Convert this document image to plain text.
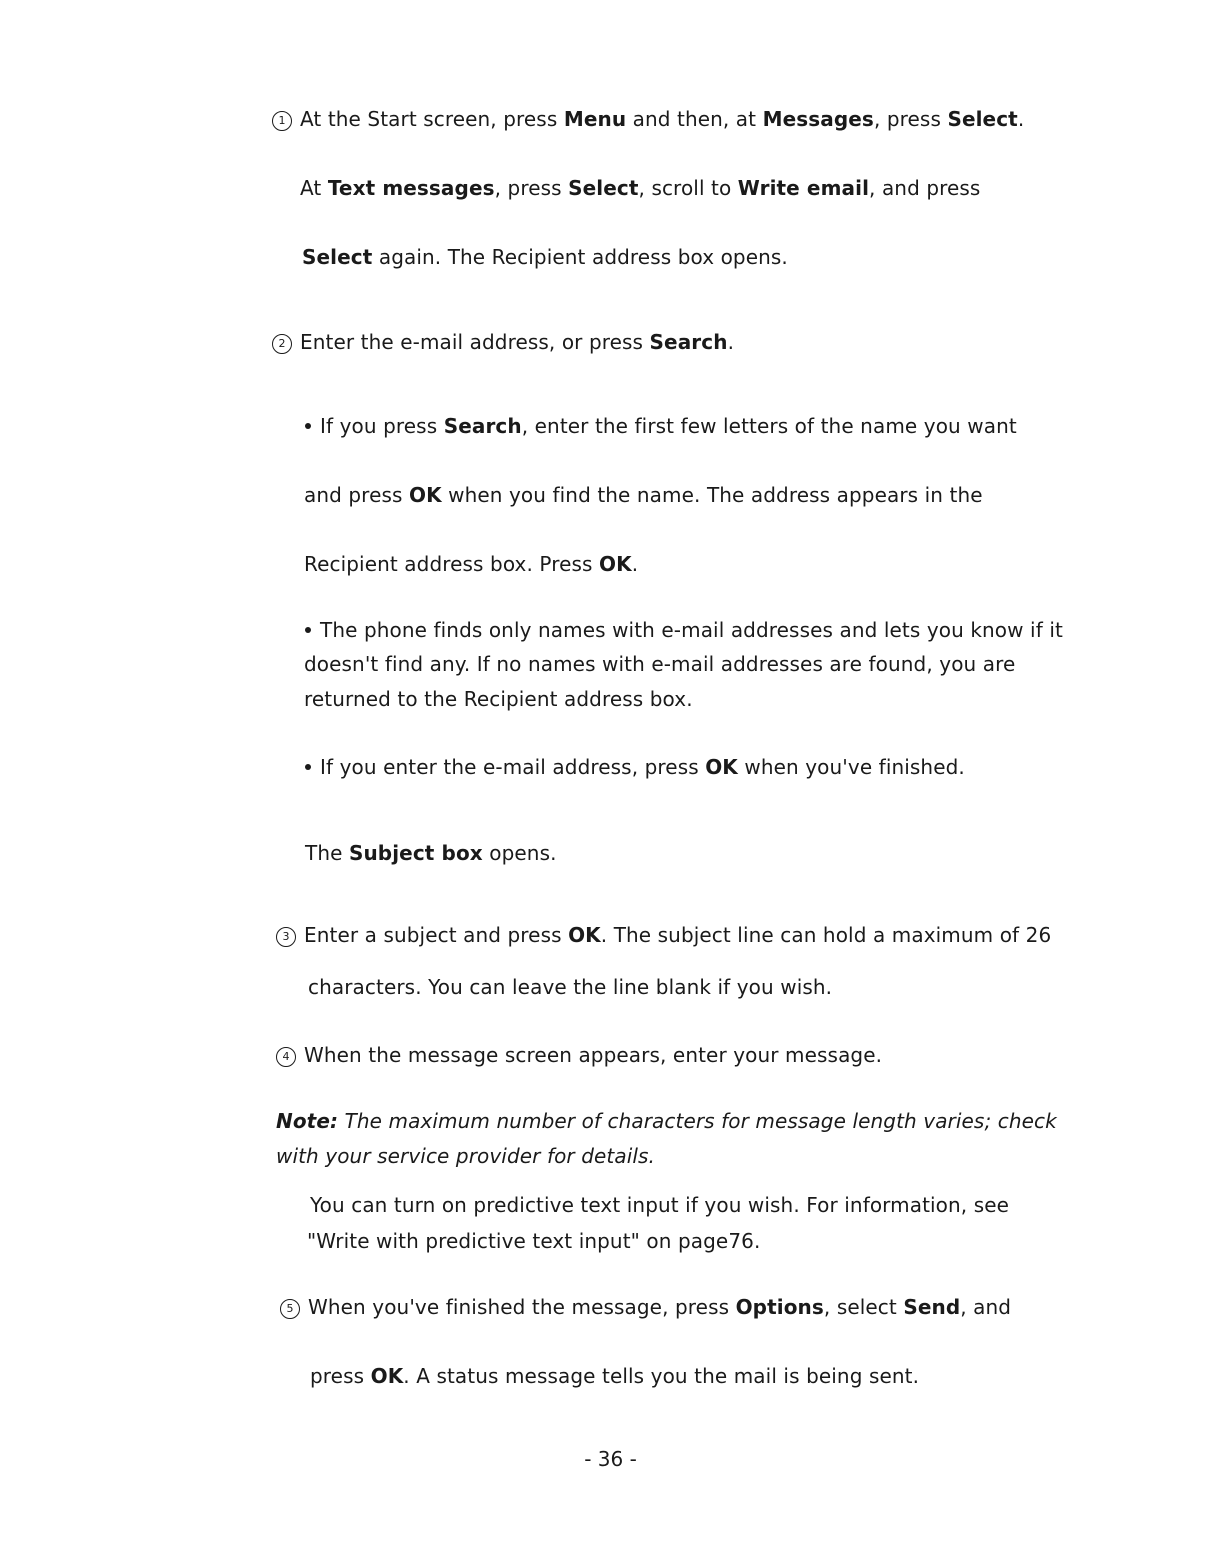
1 At the Start screen, press Menu and then, at Messages, press Select.
At Text messages, press Select, scroll to Write email, and press
Select again. The Recipient address box opens.
2 Enter the e-mail address, or press Search.
If you press Search, enter the first few letters of the name you want
and press OK when you find the name. The address appears in the
Recipient address box. Press OK.
The phone finds only names with e-mail addresses and lets you know if it
doesn't find any. If no names with e-mail addresses are found, you are
returned to the Recipient address box.
If you enter the e-mail address, press OK when you've finished.
The Subject box opens.
3 Enter a subject and press OK. The subject line can hold a maximum of 26
characters. You can leave the line blank if you wish.
4 When the message screen appears, enter your message.
Note: The maximum number of characters for message length varies; check
with your service provider for details.
You can turn on predictive text input if you wish. For information, see
"Write with predictive text input" on page76.
5 When you've finished the message, press Options, select Send, and
press OK. A status message tells you the mail is being sent.
- 36 -
